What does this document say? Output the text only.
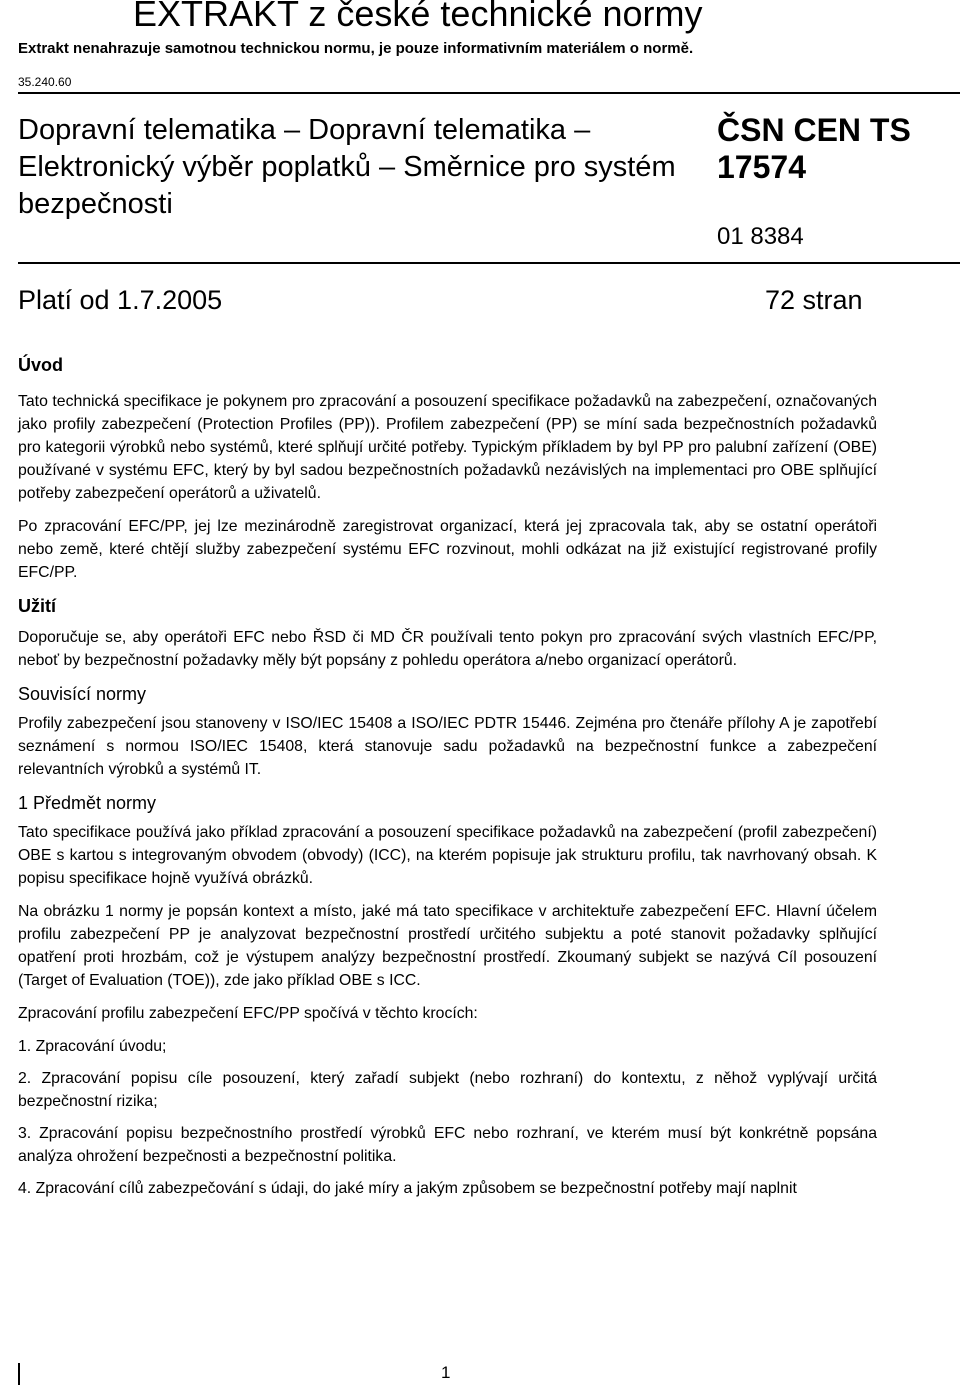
EXTRAKT z české technické normy
Extrakt nenahrazuje samotnou technickou normu, je pouze informativním materiálem o normě.
35.240.60
Dopravní telematika – Dopravní telematika – Elektronický výběr poplatků – Směrnice pro systém bezpečnosti
ČSN CEN TS 17574
01 8384
Platí od 1.7.2005	72 stran
Úvod

Tato technická specifikace je pokynem pro zpracování a posouzení specifikace požadavků na zabezpečení, označovaných jako profily zabezpečení (Protection Profiles (PP)). Profilem zabezpečení (PP) se míní sada bezpečnostních požadavků pro kategorii výrobků nebo systémů, které splňují určité potřeby. Typickým příkladem by byl PP pro palubní zařízení (OBE) používané v systému EFC, který by byl sadou bezpečnostních požadavků nezávislých na implementaci pro OBE splňující potřeby zabezpečení operátorů a uživatelů.

Po zpracování EFC/PP, jej lze mezinárodně zaregistrovat organizací, která jej zpracovala tak, aby se ostatní operátoři nebo země, které chtějí služby zabezpečení systému EFC rozvinout, mohli odkázat na již existující registrované profily EFC/PP.

Užití

Doporučuje se, aby operátoři EFC nebo ŘSD či MD ČR používali tento pokyn pro zpracování svých vlastních EFC/PP, neboť by bezpečnostní požadavky měly být popsány z pohledu operátora a/nebo organizací operátorů.

Souvisící normy

Profily zabezpečení jsou stanoveny v ISO/IEC 15408 a ISO/IEC PDTR 15446. Zejména pro čtenáře přílohy A je zapotřebí seznámení s normou ISO/IEC 15408, která stanovuje sadu požadavků na bezpečnostní funkce a zabezpečení relevantních výrobků a systémů IT.

1 Předmět normy

Tato specifikace používá jako příklad zpracování a posouzení specifikace požadavků na zabezpečení (profil zabezpečení) OBE s kartou s integrovaným obvodem (obvody) (ICC), na kterém popisuje jak strukturu profilu, tak navrhovaný obsah. K popisu specifikace hojně využívá obrázků.

Na obrázku 1 normy je popsán kontext a místo, jaké má tato specifikace v architektuře zabezpečení EFC. Hlavní účelem profilu zabezpečení PP je analyzovat bezpečnostní prostředí určitého subjektu a poté stanovit požadavky splňující opatření proti hrozbám, což je výstupem analýzy bezpečnostní prostředí. Zkoumaný subjekt se nazývá Cíl posouzení (Target of Evaluation (TOE)), zde jako příklad OBE s ICC.

Zpracování profilu zabezpečení EFC/PP spočívá v těchto krocích:

1. Zpracování úvodu;

2. Zpracování popisu cíle posouzení, který zařadí subjekt (nebo rozhraní) do kontextu, z něhož vyplývají určitá bezpečnostní rizika;

3. Zpracování popisu bezpečnostního prostředí výrobků EFC nebo rozhraní, ve kterém musí být konkrétně popsána analýza ohrožení bezpečnosti a bezpečnostní politika.

4. Zpracování cílů zabezpečování s údaji, do jaké míry a jakým způsobem se bezpečnostní potřeby mají naplnit

1
